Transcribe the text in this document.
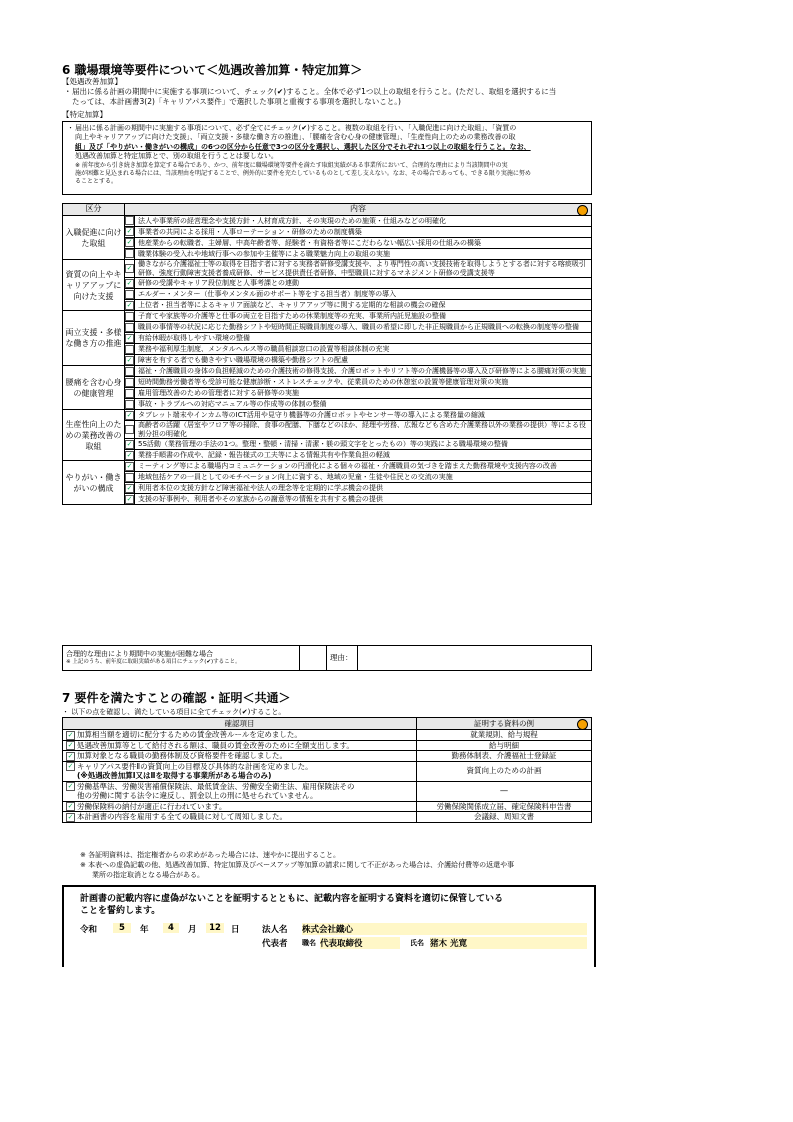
6 職場環境等要件について＜処遇改善加算・特定加算＞
【処遇改善加算】
・ 届出に係る計画の期間中に実施する事項について、チェック(✔)すること。全体で必ず1つ以上の取組を行うこと。(ただし、取組を選択するに当
たっては、本計画書3(2)「キャリアパス要件」で選択した事項と重複する事項を選択しないこと。)
【特定加算】
・ 届出に係る計画の期間中に実施する事項について、必ず全てにチェック(✔)すること。複数の取組を行い、「入職促進に向けた取組」、「資質の
向上やキャリアアップに向けた支援」、「両立支援・多様な働き方の推進」、「腰痛を含む心身の健康管理」、「生産性向上のための業務改善の取
組」及び「やりがい・働きがいの構成」の6つの区分から任意で3つの区分を選択し、選択した区分でそれぞれ1つ以上の取組を行うこと。なお、
処遇改善加算と特定加算とで、別の取組を行うことは要しない。
※ 前年度から引き続き加算を算定する場合であり、かつ、前年度に職場環境等要件を満たす取組実績がある事業所において、合理的な理由により当該期間中の実
施が困難と見込まれる場合には、当該理由を明記することで、例外的に要件を充たしているものとして差し支えない。なお、その場合であっても、できる限り実施に努め
ることとする。
区分	内容	

入職促進に向けた取組		法人や事業所の経営理念や支援方針・人材育成方針、その実現のための施策・仕組みなどの明確化
	✓	事業者の共同による採用・人事ローテーション・研修のための制度構築
	✓	他産業からの転職者、主婦層、中高年齢者等、経験者・有資格者等にこだわらない幅広い採用の仕組みの構築
		職業体験の受入れや地域行事への参加や主催等による職業魅力向上の取組の実施
資質の向上やキャリアアップに向けた支援	✓	働きながら介護福祉士等の取得を目指す者に対する実務者研修受講支援や、より専門性の高い支援技術を取得しようとする者に対する喀痰吸引研修、強度行動障害支援者養成研修、サービス提供責任者研修、中堅職員に対するマネジメント研修の受講支援等
	✓	研修の受講やキャリア段位制度と人事考課との連動
		エルダー・メンター（仕事やメンタル面のサポート等をする担当者）制度等の導入
	✓	上位者・担当者等によるキャリア面談など、キャリアアップ等に関する定期的な相談の機会の確保
両立支援・多様な働き方の推進		子育てや家族等の介護等と仕事の両立を目指すための休業制度等の充実、事業所内託児施設の整備
		職員の事情等の状況に応じた勤務シフトや短時間正規職員制度の導入、職員の希望に即した非正規職員から正規職員への転換の制度等の整備
	✓	有給休暇が取得しやすい環境の整備
		業務や福利厚生制度、メンタルヘルス等の職員相談窓口の設置等相談体制の充実
	✓	障害を有する者でも働きやすい職場環境の構築や勤務シフトの配慮
腰痛を含む心身の健康管理		福祉・介護職員の身体の負担軽減のための介護技術の修得支援、介護ロボットやリフト等の介護機器等の導入及び研修等による腰痛対策の実施
		短時間勤務労働者等も受診可能な健康診断・ストレスチェックや、従業員のための休憩室の設置等健康管理対策の実施
		雇用管理改善のための管理者に対する研修等の実施
		事故・トラブルへの対応マニュアル等の作成等の体制の整備
生産性向上のための業務改善の取組	✓	タブレット端末やインカム等のICT活用や見守り機器等の介護ロボットやセンサー等の導入による業務量の縮減
		高齢者の活躍（居室やフロア等の掃除、食事の配膳、下膳などのほか、経理や労務、広報なども含めた介護業務以外の業務の提供）等による役割分担の明確化
	✓	5S活動（業務管理の手法の1つ。整理・整頓・清掃・清潔・躾の頭文字をとったもの）等の実践による職場環境の整備
	✓	業務手順書の作成や、記録・報告様式の工夫等による情報共有や作業負担の軽減
やりがい・働きがいの構成	✓	ミーティング等による職場内コミュニケーションの円滑化による個々の福祉・介護職員の気づきを踏まえた勤務環境や支援内容の改善
		地域包括ケアの一員としてのモチベーション向上に資する、地域の児童・生徒や住民との交流の実施
	✓	利用者本位の支援方針など障害福祉や法人の理念等を定期的に学ぶ機会の提供
	✓	支援の好事例や、利用者やその家族からの謝意等の情報を共有する機会の提供
合理的な理由により期間中の実施が困難な場合
※ 上記のうち、前年度に取組実績がある項目にチェック(✔)すること。
		理由：	
7 要件を満たすことの確認・証明＜共通＞
・ 以下の点を確認し、満たしている項目に全てチェック(✔)すること。
確認項目	証明する資料の例

✓ 加算相当額を適切に配分するための賃金改善ルールを定めました。	就業規則、給与規程
✓ 処遇改善加算等として給付される額は、職員の賃金改善のために全額支出します。	給与明細
✓ 加算対象となる職員の勤務体制及び資格要件を確認しました。	勤務体制表、介護福祉士登録証
✓ キャリアパス要件Ⅱの資質向上の目標及び具体的な計画を定めました。
(※処遇改善加算Ⅰ又はⅡを取得する事業所がある場合のみ)	資質向上のための計画
✓ 労働基準法、労働災害補償保険法、最低賃金法、労働安全衛生法、雇用保険法その
他の労働に関する法令に違反し、罰金以上の刑に処せられていません。	―
✓ 労働保険料の納付が適正に行われています。	労働保険関係成立届、確定保険料申告書
✓ 本計画書の内容を雇用する全ての職員に対して周知しました。	会議録、周知文書
※ 各証明資料は、指定権者からの求めがあった場合には、速やかに提出すること。
※ 本表への虚偽記載の他、処遇改善加算、特定加算及びベースアップ等加算の請求に関して不正があった場合は、介護給付費等の返還や事
業所の指定取消となる場合がある。
計画書の記載内容に虚偽がないことを証明するとともに、記載内容を証明する資料を適切に保管している
ことを誓約します。
令和	5	年	4	月	12	日	法人名 株式会社鐵心
代表者 職名 代表取締役	氏名 猪木 光寛
